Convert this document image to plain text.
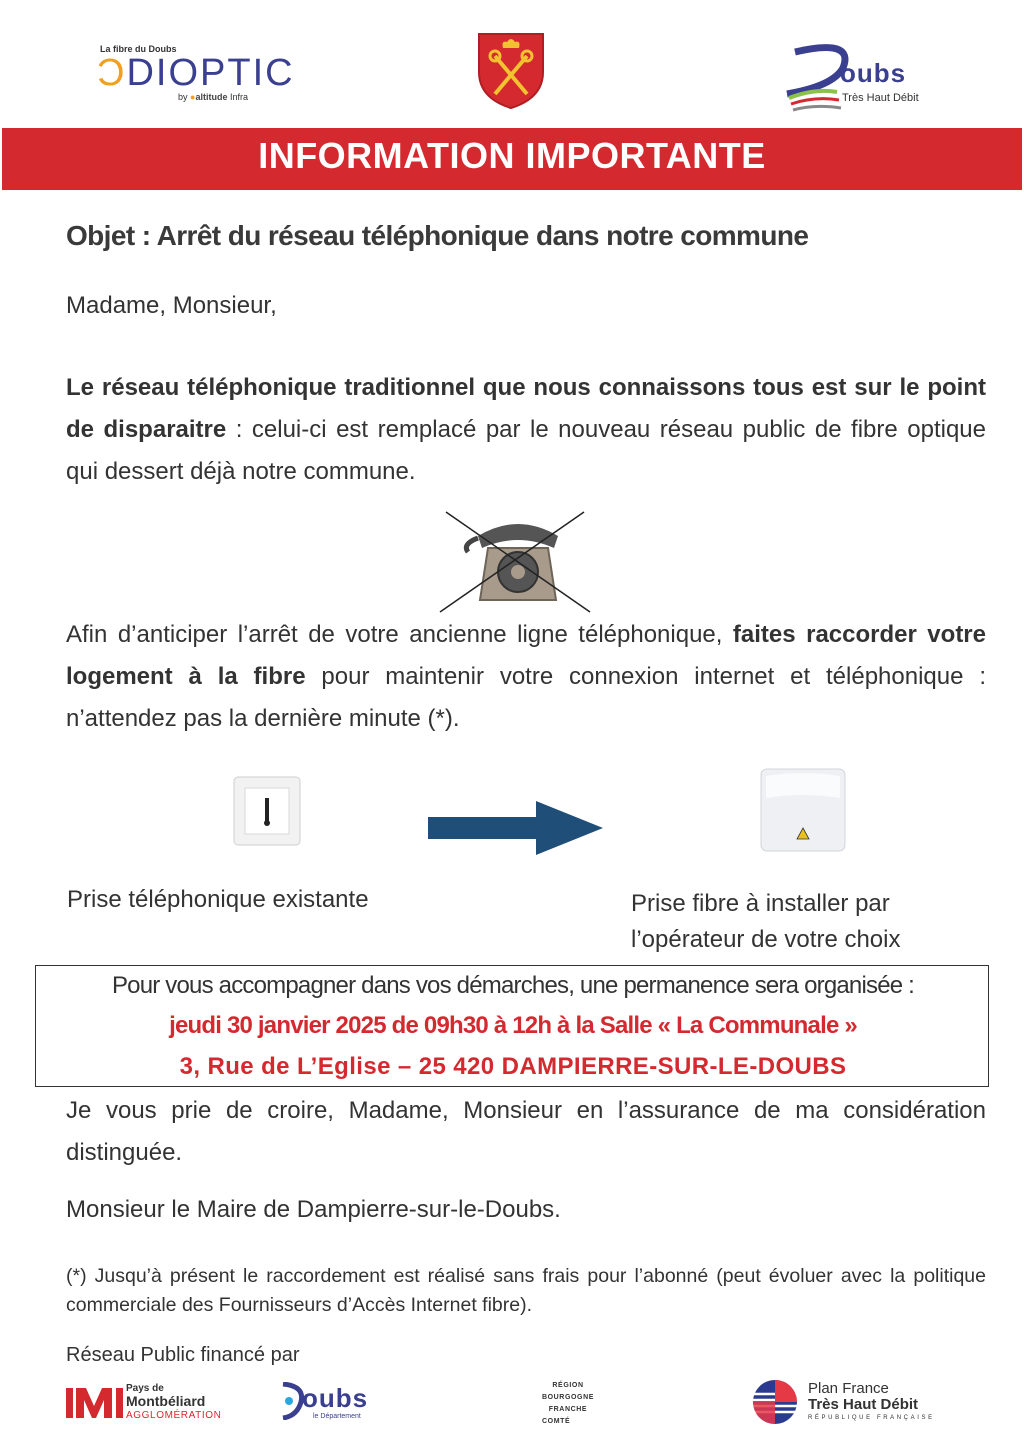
La fibre du Doubs
ƆDIOPTIC
by ●altitude Infra
oubs
Très Haut Débit
INFORMATION IMPORTANTE
Objet : Arrêt du réseau téléphonique dans notre commune
Madame, Monsieur,
Le réseau téléphonique traditionnel que nous connaissons tous est sur le point de disparaitre : celui-ci est remplacé par le nouveau réseau public de fibre optique qui dessert déjà notre commune.
Afin d’anticiper l’arrêt de votre ancienne ligne téléphonique, faites raccorder votre logement à la fibre pour maintenir votre connexion internet et téléphonique : n’attendez pas la dernière minute (*).
Prise téléphonique existante	Prise fibre à installer par l’opérateur de votre choix
Pour vous accompagner dans vos démarches, une permanence sera organisée :
jeudi 30 janvier 2025 de 09h30 à 12h à la Salle « La Communale »
3, Rue de L’Eglise – 25 420 DAMPIERRE-SUR-LE-DOUBS
Je vous prie de croire, Madame, Monsieur en l’assurance de ma considération distinguée.
Monsieur le Maire de Dampierre-sur-le-Doubs.
(*) Jusqu’à présent le raccordement est réalisé sans frais pour l’abonné (peut évoluer avec la politique commerciale des Fournisseurs d’Accès Internet fibre).
Réseau Public financé par
Pays de
Montbéliard
AGGLOMÉRATION
oubs
le Département
RÉGION
BOURGOGNE
FRANCHE
COMTÉ
Plan France
Très Haut Débit
RÉPUBLIQUE FRANÇAISE
